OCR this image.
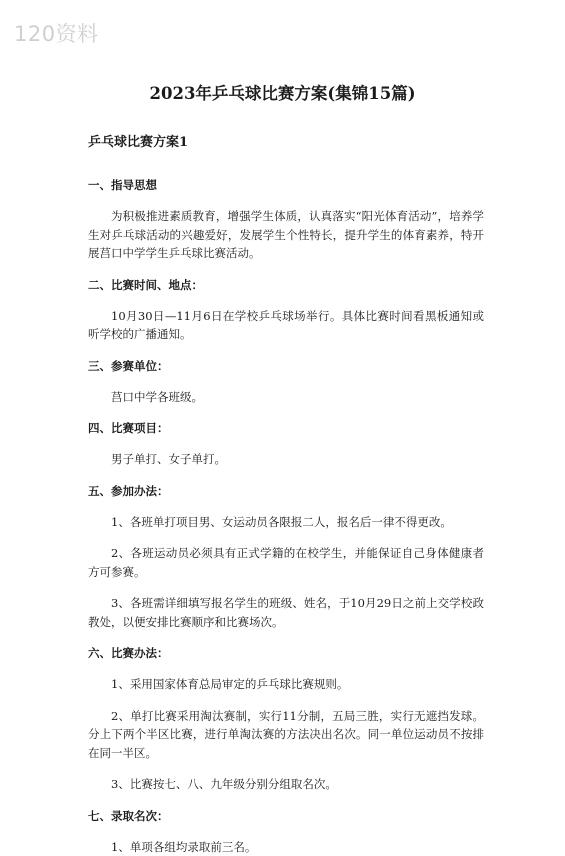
120资料
2023年乒乓球比赛方案(集锦15篇)
乒乓球比赛方案1
一、指导思想
为积极推进素质教育，增强学生体质，认真落实“阳光体育活动”，培养学生对乒乓球活动的兴趣爱好，发展学生个性特长，提升学生的体育素养，特开展莒口中学学生乒乓球比赛活动。
二、比赛时间、地点：
10月30日—11月6日在学校乒乓球场举行。具体比赛时间看黑板通知或听学校的广播通知。
三、参赛单位：
莒口中学各班级。
四、比赛项目：
男子单打、女子单打。
五、参加办法：
1、各班单打项目男、女运动员各限报二人，报名后一律不得更改。
2、各班运动员必须具有正式学籍的在校学生，并能保证自己身体健康者方可参赛。
3、各班需详细填写报名学生的班级、姓名，于10月29日之前上交学校政教处，以便安排比赛顺序和比赛场次。
六、比赛办法：
1、采用国家体育总局审定的乒乓球比赛规则。
2、单打比赛采用淘汰赛制，实行11分制，五局三胜，实行无遮挡发球。分上下两个半区比赛，进行单淘汰赛的方法决出名次。同一单位运动员不按排在同一半区。
3、比赛按七、八、九年级分别分组取名次。
七、录取名次：
1、单项各组均录取前三名。
